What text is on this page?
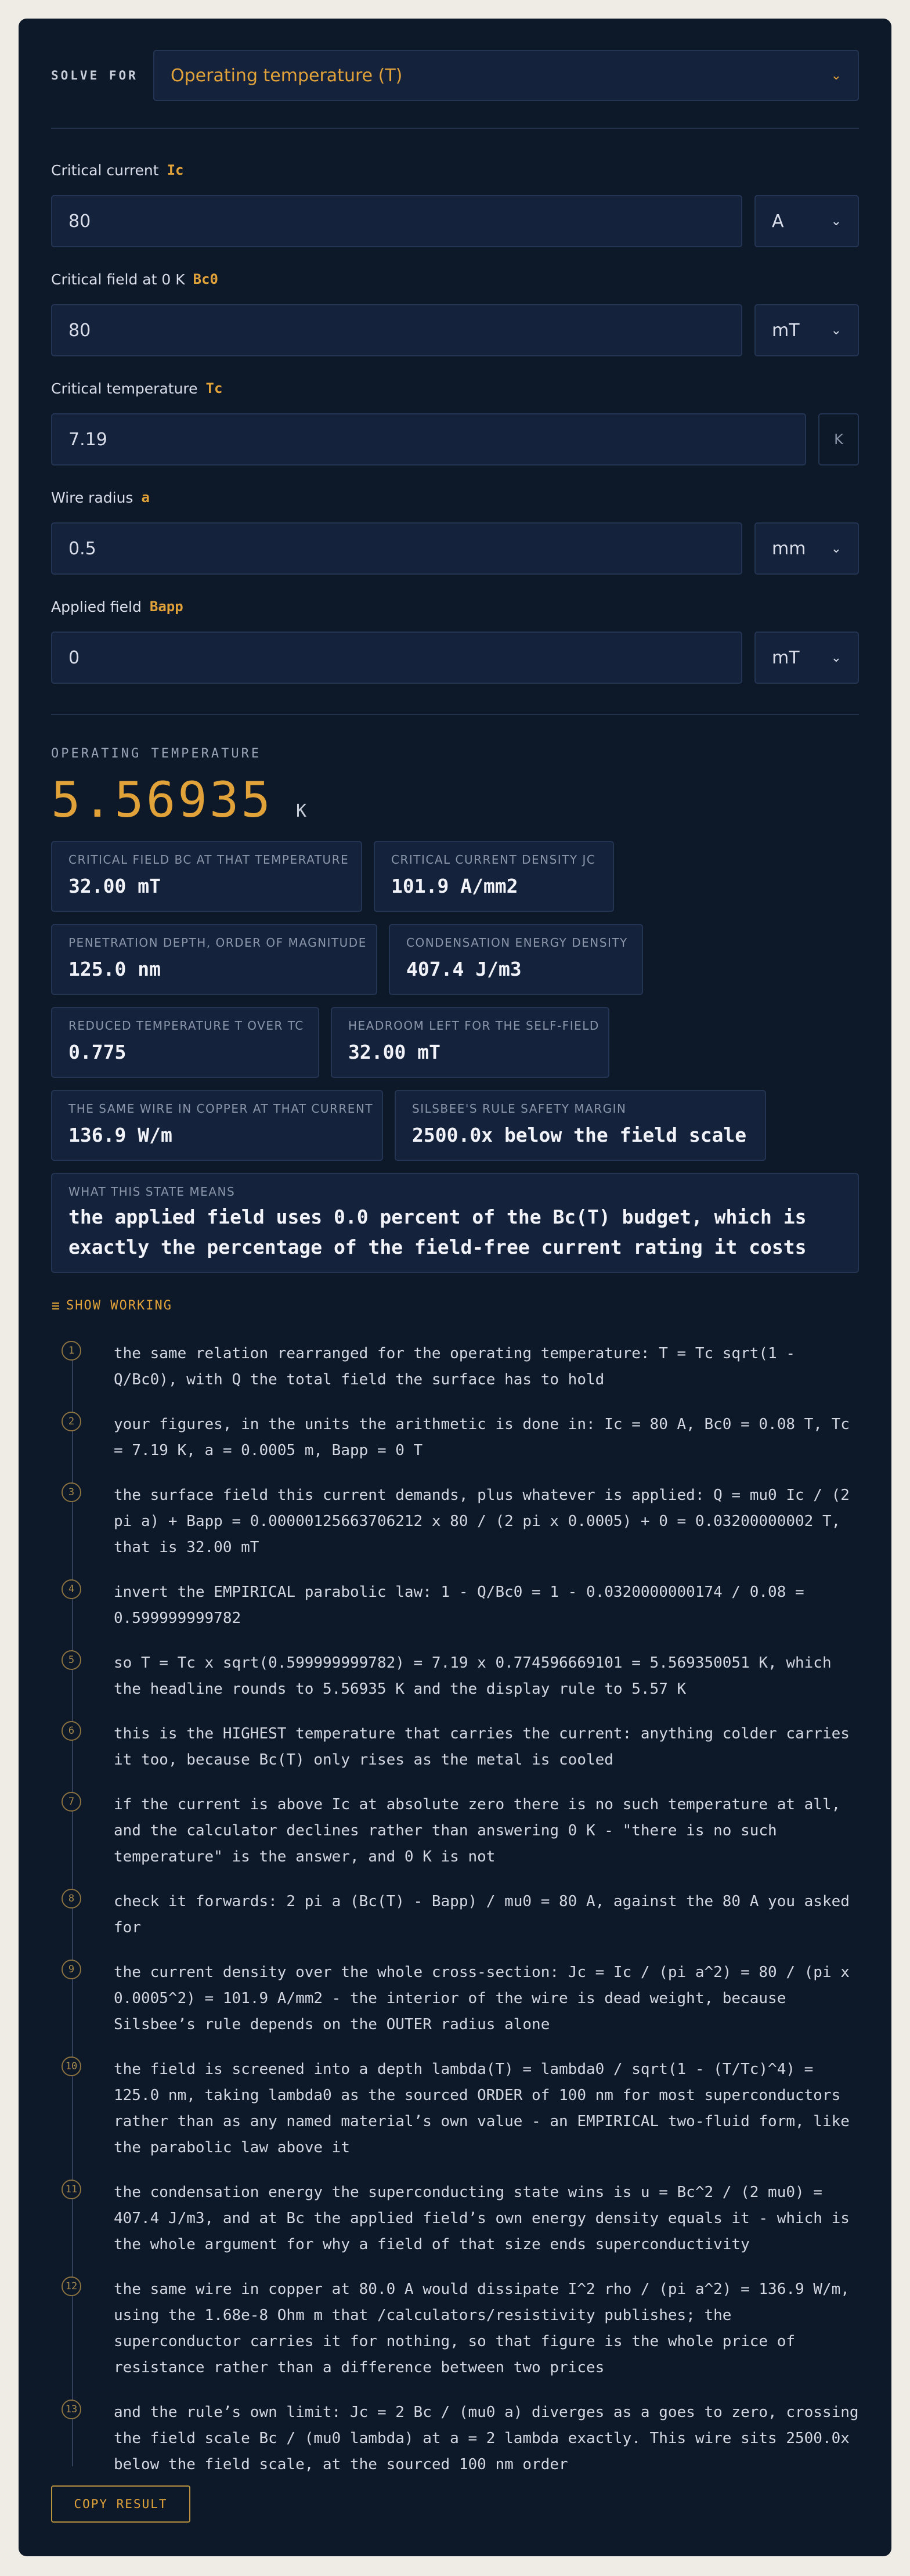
SOLVE FOR	Operating temperature (T)	⌄
Critical current Ic
80	A	⌄
Critical field at 0 K Bc0
80	mT ⌄
Critical temperature Tc
7.19	K
Wire radius a
0.5	mm ⌄
Applied field Bapp
0	mT ⌄
OPERATING TEMPERATURE
5.56935 K
CRITICAL FIELD BC AT THAT TEMPERATURE
32.00 mT
CRITICAL CURRENT DENSITY JC
101.9 A/mm2
PENETRATION DEPTH, ORDER OF MAGNITUDE
125.0 nm
CONDENSATION ENERGY DENSITY
407.4 J/m3
REDUCED TEMPERATURE T OVER TC
0.775
HEADROOM LEFT FOR THE SELF-FIELD
32.00 mT
THE SAME WIRE IN COPPER AT THAT CURRENT
136.9 W/m
SILSBEE'S RULE SAFETY MARGIN
2500.0x below the field scale
WHAT THIS STATE MEANS
the applied field uses 0.0 percent of the Bc(T) budget, which is exactly the percentage of the field-free current rating it costs
SHOW WORKING
1	the same relation rearranged for the operating temperature: T = Tc sqrt(1 - Q/Bc0), with Q the total field the surface has to hold
2	your figures, in the units the arithmetic is done in: Ic = 80 A, Bc0 = 0.08 T, Tc = 7.19 K, a = 0.0005 m, Bapp = 0 T
3	the surface field this current demands, plus whatever is applied: Q = mu0 Ic / (2 pi a) + Bapp = 0.00000125663706212 x 80 / (2 pi x 0.0005) + 0 = 0.03200000002 T, that is 32.00 mT
4	invert the EMPIRICAL parabolic law: 1 - Q/Bc0 = 1 - 0.0320000000174 / 0.08 = 0.599999999782
5	so T = Tc x sqrt(0.599999999782) = 7.19 x 0.774596669101 = 5.569350051 K, which the headline rounds to 5.56935 K and the display rule to 5.57 K
6	this is the HIGHEST temperature that carries the current: anything colder carries it too, because Bc(T) only rises as the metal is cooled
7	if the current is above Ic at absolute zero there is no such temperature at all, and the calculator declines rather than answering 0 K - "there is no such temperature" is the answer, and 0 K is not
8	check it forwards: 2 pi a (Bc(T) - Bapp) / mu0 = 80 A, against the 80 A you asked for
9	the current density over the whole cross-section: Jc = Ic / (pi a^2) = 80 / (pi x 0.0005^2) = 101.9 A/mm2 - the interior of the wire is dead weight, because Silsbee’s rule depends on the OUTER radius alone
10 the field is screened into a depth lambda(T) = lambda0 / sqrt(1 - (T/Tc)^4) = 125.0 nm, taking lambda0 as the sourced ORDER of 100 nm for most superconductors rather than as any named material’s own value - an EMPIRICAL two-fluid form, like the parabolic law above it
11 the condensation energy the superconducting state wins is u = Bc^2 / (2 mu0) = 407.4 J/m3, and at Bc the applied field’s own energy density equals it - which is the whole argument for why a field of that size ends superconductivity
12 the same wire in copper at 80.0 A would dissipate I^2 rho / (pi a^2) = 136.9 W/m, using the 1.68e-8 Ohm m that /calculators/resistivity publishes; the superconductor carries it for nothing, so that figure is the whole price of resistance rather than a difference between two prices
13 and the rule’s own limit: Jc = 2 Bc / (mu0 a) diverges as a goes to zero, crossing the field scale Bc / (mu0 lambda) at a = 2 lambda exactly. This wire sits 2500.0x below the field scale, at the sourced 100 nm order
COPY RESULT
